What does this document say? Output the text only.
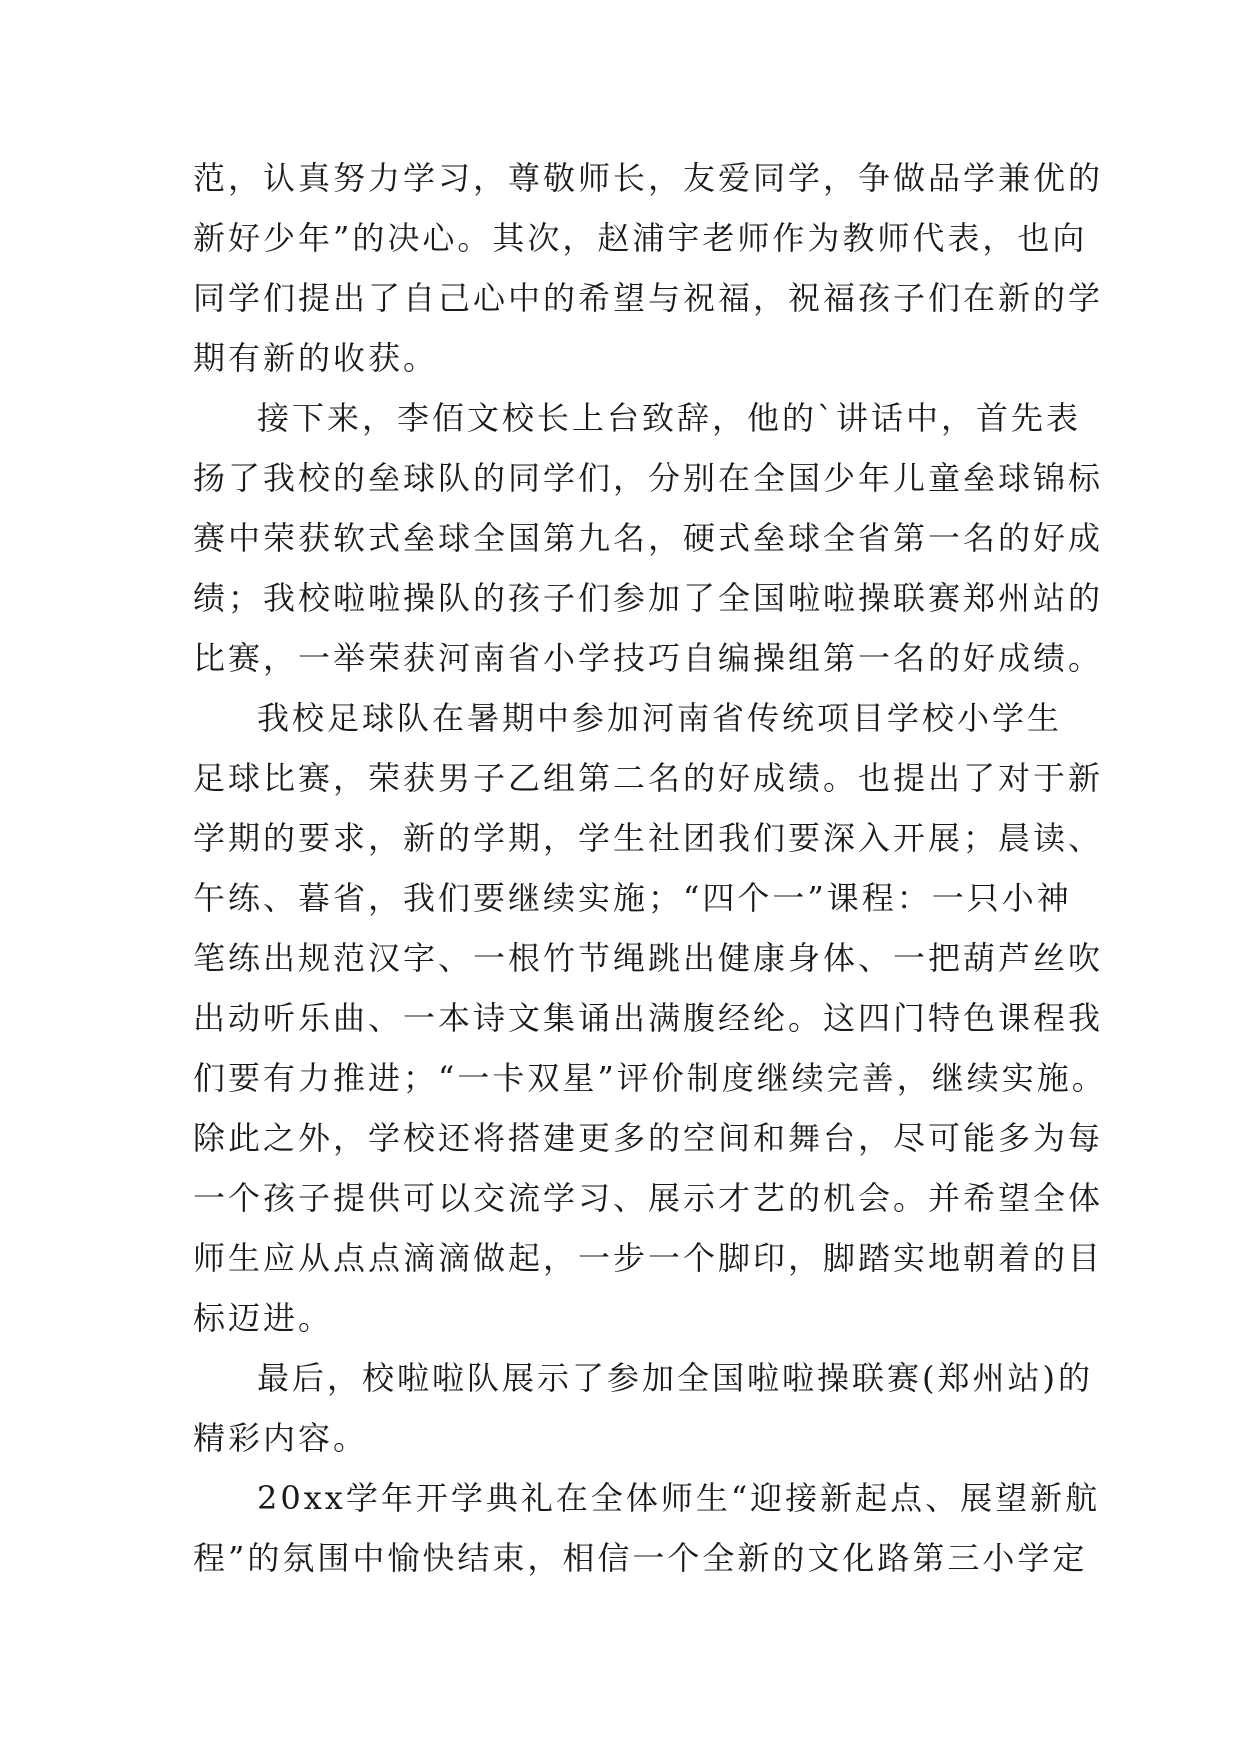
范，认真努力学习，尊敬师长，友爱同学，争做品学兼优的
新好少年”的决心。其次，赵浦宇老师作为教师代表，也向
同学们提出了自己心中的希望与祝福，祝福孩子们在新的学
期有新的收获。
接下来，李佰文校长上台致辞，他的`讲话中，首先表
扬了我校的垒球队的同学们，分别在全国少年儿童垒球锦标
赛中荣获软式垒球全国第九名，硬式垒球全省第一名的好成
绩；我校啦啦操队的孩子们参加了全国啦啦操联赛郑州站的
比赛，一举荣获河南省小学技巧自编操组第一名的好成绩。
我校足球队在暑期中参加河南省传统项目学校小学生
足球比赛，荣获男子乙组第二名的好成绩。也提出了对于新
学期的要求，新的学期，学生社团我们要深入开展；晨读、
午练、暮省，我们要继续实施；“四个一”课程：一只小神
笔练出规范汉字、一根竹节绳跳出健康身体、一把葫芦丝吹
出动听乐曲、一本诗文集诵出满腹经纶。这四门特色课程我
们要有力推进；“一卡双星”评价制度继续完善，继续实施。
除此之外，学校还将搭建更多的空间和舞台，尽可能多为每
一个孩子提供可以交流学习、展示才艺的机会。并希望全体
师生应从点点滴滴做起，一步一个脚印，脚踏实地朝着的目
标迈进。
最后，校啦啦队展示了参加全国啦啦操联赛(郑州站)的
精彩内容。
20xx学年开学典礼在全体师生“迎接新起点、展望新航
程”的氛围中愉快结束，相信一个全新的文化路第三小学定
